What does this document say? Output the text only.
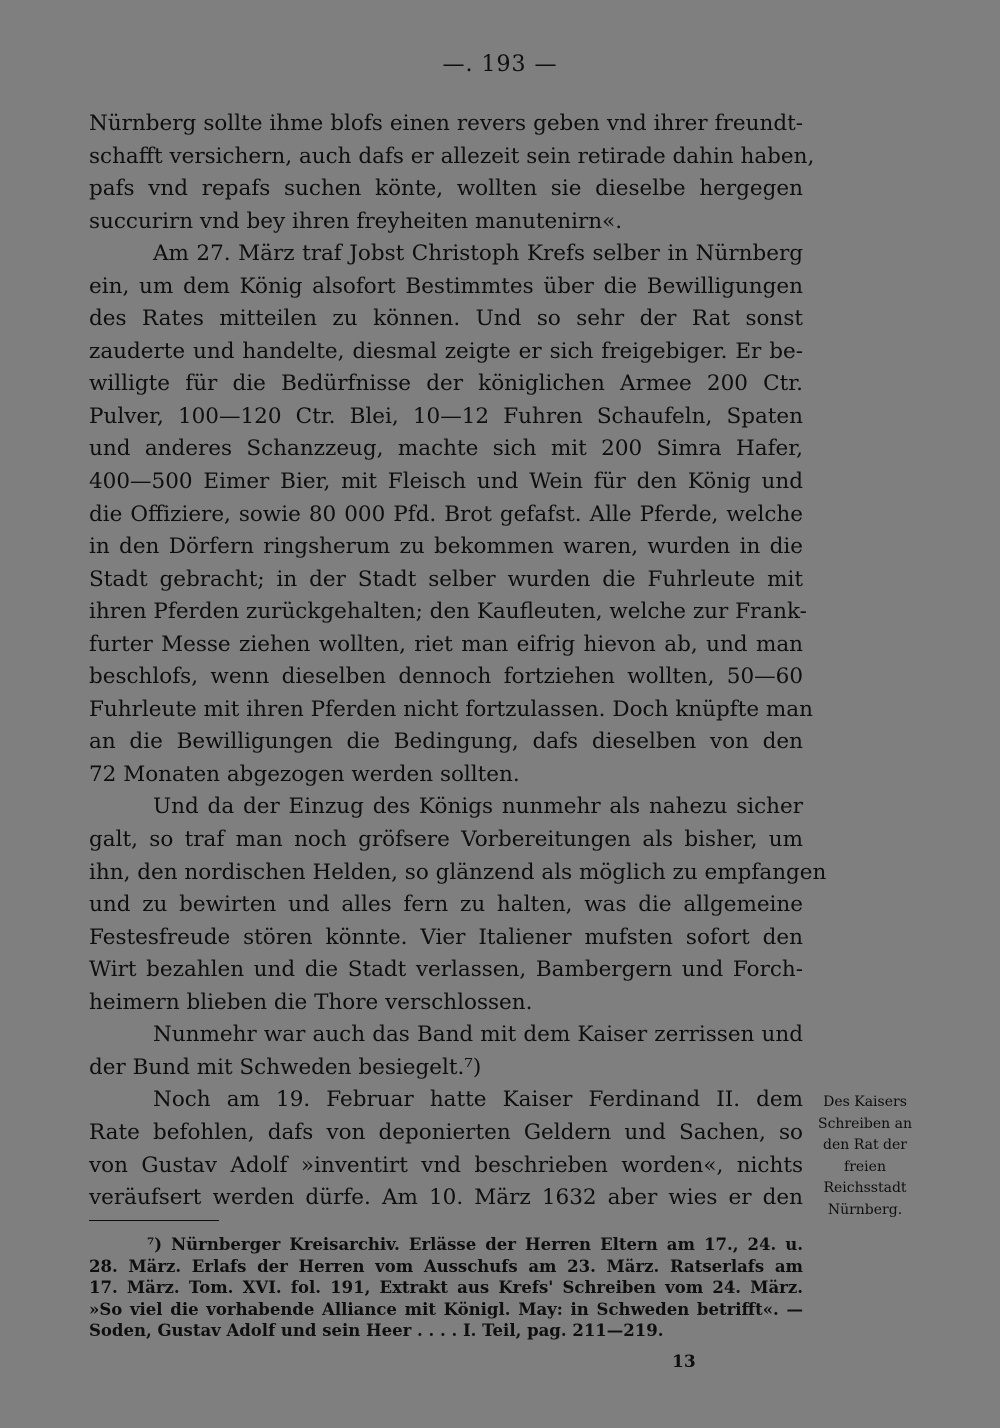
—. 193 —
Nürnberg sollte ihme blofs einen revers geben vnd ihrer freundt-
schafft versichern, auch dafs er allezeit sein retirade dahin haben,
pafs vnd repafs suchen könte, wollten sie dieselbe hergegen
succurirn vnd bey ihren freyheiten manutenirn«.
Am 27. März traf Jobst Christoph Krefs selber in Nürnberg
ein, um dem König alsofort Bestimmtes über die Bewilligungen
des Rates mitteilen zu können. Und so sehr der Rat sonst
zauderte und handelte, diesmal zeigte er sich freigebiger. Er be-
willigte für die Bedürfnisse der königlichen Armee 200 Ctr.
Pulver, 100—120 Ctr. Blei, 10—12 Fuhren Schaufeln, Spaten
und anderes Schanzzeug, machte sich mit 200 Simra Hafer,
400—500 Eimer Bier, mit Fleisch und Wein für den König und
die Offiziere, sowie 80 000 Pfd. Brot gefafst. Alle Pferde, welche
in den Dörfern ringsherum zu bekommen waren, wurden in die
Stadt gebracht; in der Stadt selber wurden die Fuhrleute mit
ihren Pferden zurückgehalten; den Kaufleuten, welche zur Frank-
furter Messe ziehen wollten, riet man eifrig hievon ab, und man
beschlofs, wenn dieselben dennoch fortziehen wollten, 50—60
Fuhrleute mit ihren Pferden nicht fortzulassen. Doch knüpfte man
an die Bewilligungen die Bedingung, dafs dieselben von den
72 Monaten abgezogen werden sollten.
Und da der Einzug des Königs nunmehr als nahezu sicher
galt, so traf man noch gröfsere Vorbereitungen als bisher, um
ihn, den nordischen Helden, so glänzend als möglich zu empfangen
und zu bewirten und alles fern zu halten, was die allgemeine
Festesfreude stören könnte. Vier Italiener mufsten sofort den
Wirt bezahlen und die Stadt verlassen, Bambergern und Forch-
heimern blieben die Thore verschlossen.
Nunmehr war auch das Band mit dem Kaiser zerrissen und
der Bund mit Schweden besiegelt.⁷)
Noch am 19. Februar hatte Kaiser Ferdinand II. dem
Rate befohlen, dafs von deponierten Geldern und Sachen, so
von Gustav Adolf »inventirt vnd beschrieben worden«, nichts
veräufsert werden dürfe. Am 10. März 1632 aber wies er den
Des Kaisers
Schreiben an
den Rat der
freien
Reichsstadt
Nürnberg.
⁷) Nürnberger Kreisarchiv. Erlässe der Herren Eltern am 17., 24. u.
28. März. Erlafs der Herren vom Ausschufs am 23. März. Ratserlafs am
17. März. Tom. XVI. fol. 191, Extrakt aus Krefs' Schreiben vom 24. März.
»So viel die vorhabende Alliance mit Königl. May: in Schweden betrifft«. —
Soden, Gustav Adolf und sein Heer . . . . I. Teil, pag. 211—219.
13
